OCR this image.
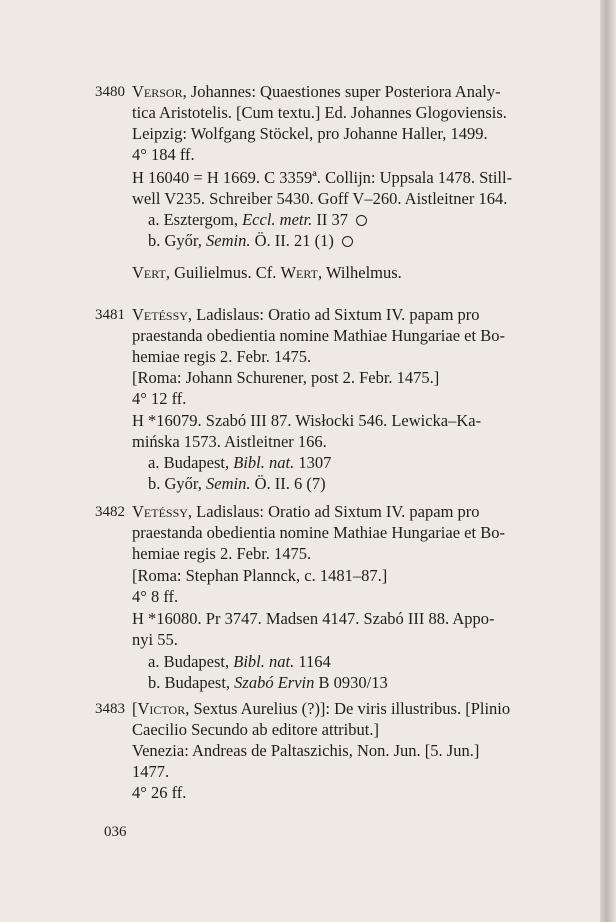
3480 Versor, Johannes: Quaestiones super Posteriora Analy-
tica Aristotelis. [Cum textu.] Ed. Johannes Glogoviensis.
Leipzig: Wolfgang Stöckel, pro Johanne Haller, 1499.
4° 184 ff.
H 16040 = H 1669. C 3359ª. Collijn: Uppsala 1478. Still-
well V235. Schreiber 5430. Goff V–260. Aistleitner 164.
a. Esztergom, Eccl. metr. II 37
b. Győr, Semin. Ö. II. 21 (1)
Vert, Guilielmus. Cf. Wert, Wilhelmus.
3481 Vetéssy, Ladislaus: Oratio ad Sixtum IV. papam pro
praestanda obedientia nomine Mathiae Hungariae et Bo-
hemiae regis 2. Febr. 1475.
[Roma: Johann Schurener, post 2. Febr. 1475.]
4° 12 ff.
H *16079. Szabó III 87. Wisłocki 546. Lewicka–Ka-
mińska 1573. Aistleitner 166.
a. Budapest, Bibl. nat. 1307
b. Győr, Semin. Ö. II. 6 (7)
3482 Vetéssy, Ladislaus: Oratio ad Sixtum IV. papam pro
praestanda obedientia nomine Mathiae Hungariae et Bo-
hemiae regis 2. Febr. 1475.
[Roma: Stephan Plannck, c. 1481–87.]
4° 8 ff.
H *16080. Pr 3747. Madsen 4147. Szabó III 88. Appo-
nyi 55.
a. Budapest, Bibl. nat. 1164
b. Budapest, Szabó Ervin B 0930/13
3483 [Victor, Sextus Aurelius (?)]: De viris illustribus. [Plinio
Caecilio Secundo ab editore attribut.]
Venezia: Andreas de Paltaszichis, Non. Jun. [5. Jun.]
1477.
4° 26 ff.
036
